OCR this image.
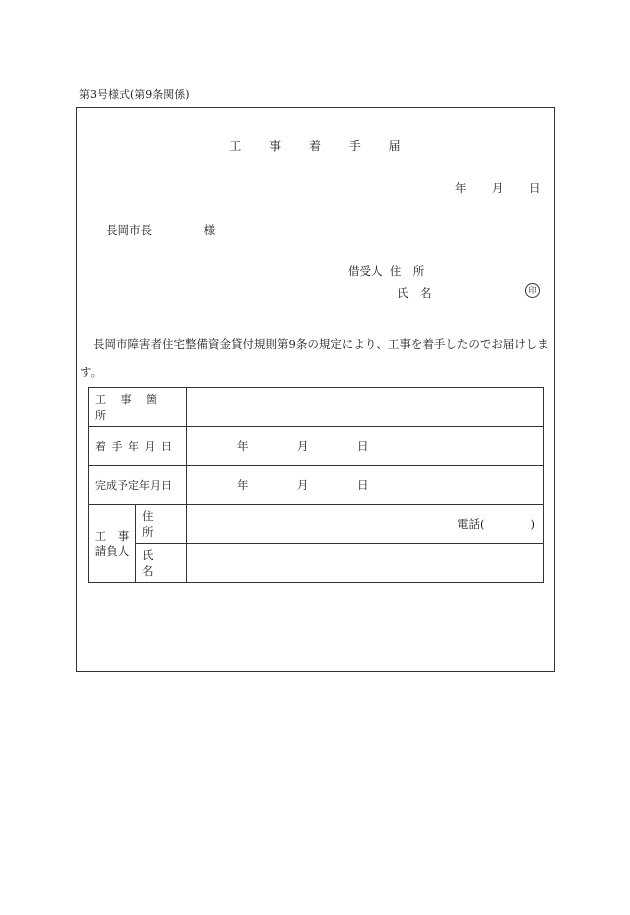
第3号様式(第9条関係)
工 事 着 手 届
年 月 日
長岡市長	様
借受人 住　所
氏　名	印
長岡市障害者住宅整備資金貸付規則第9条の規定により、工事を着手したのでお届けします。
工 事 箇 所		
着手年月日		年 月 日
完成予定年月日		年 月 日
工　事
請負人	住 所	電話(　　　　)
	氏 名	
